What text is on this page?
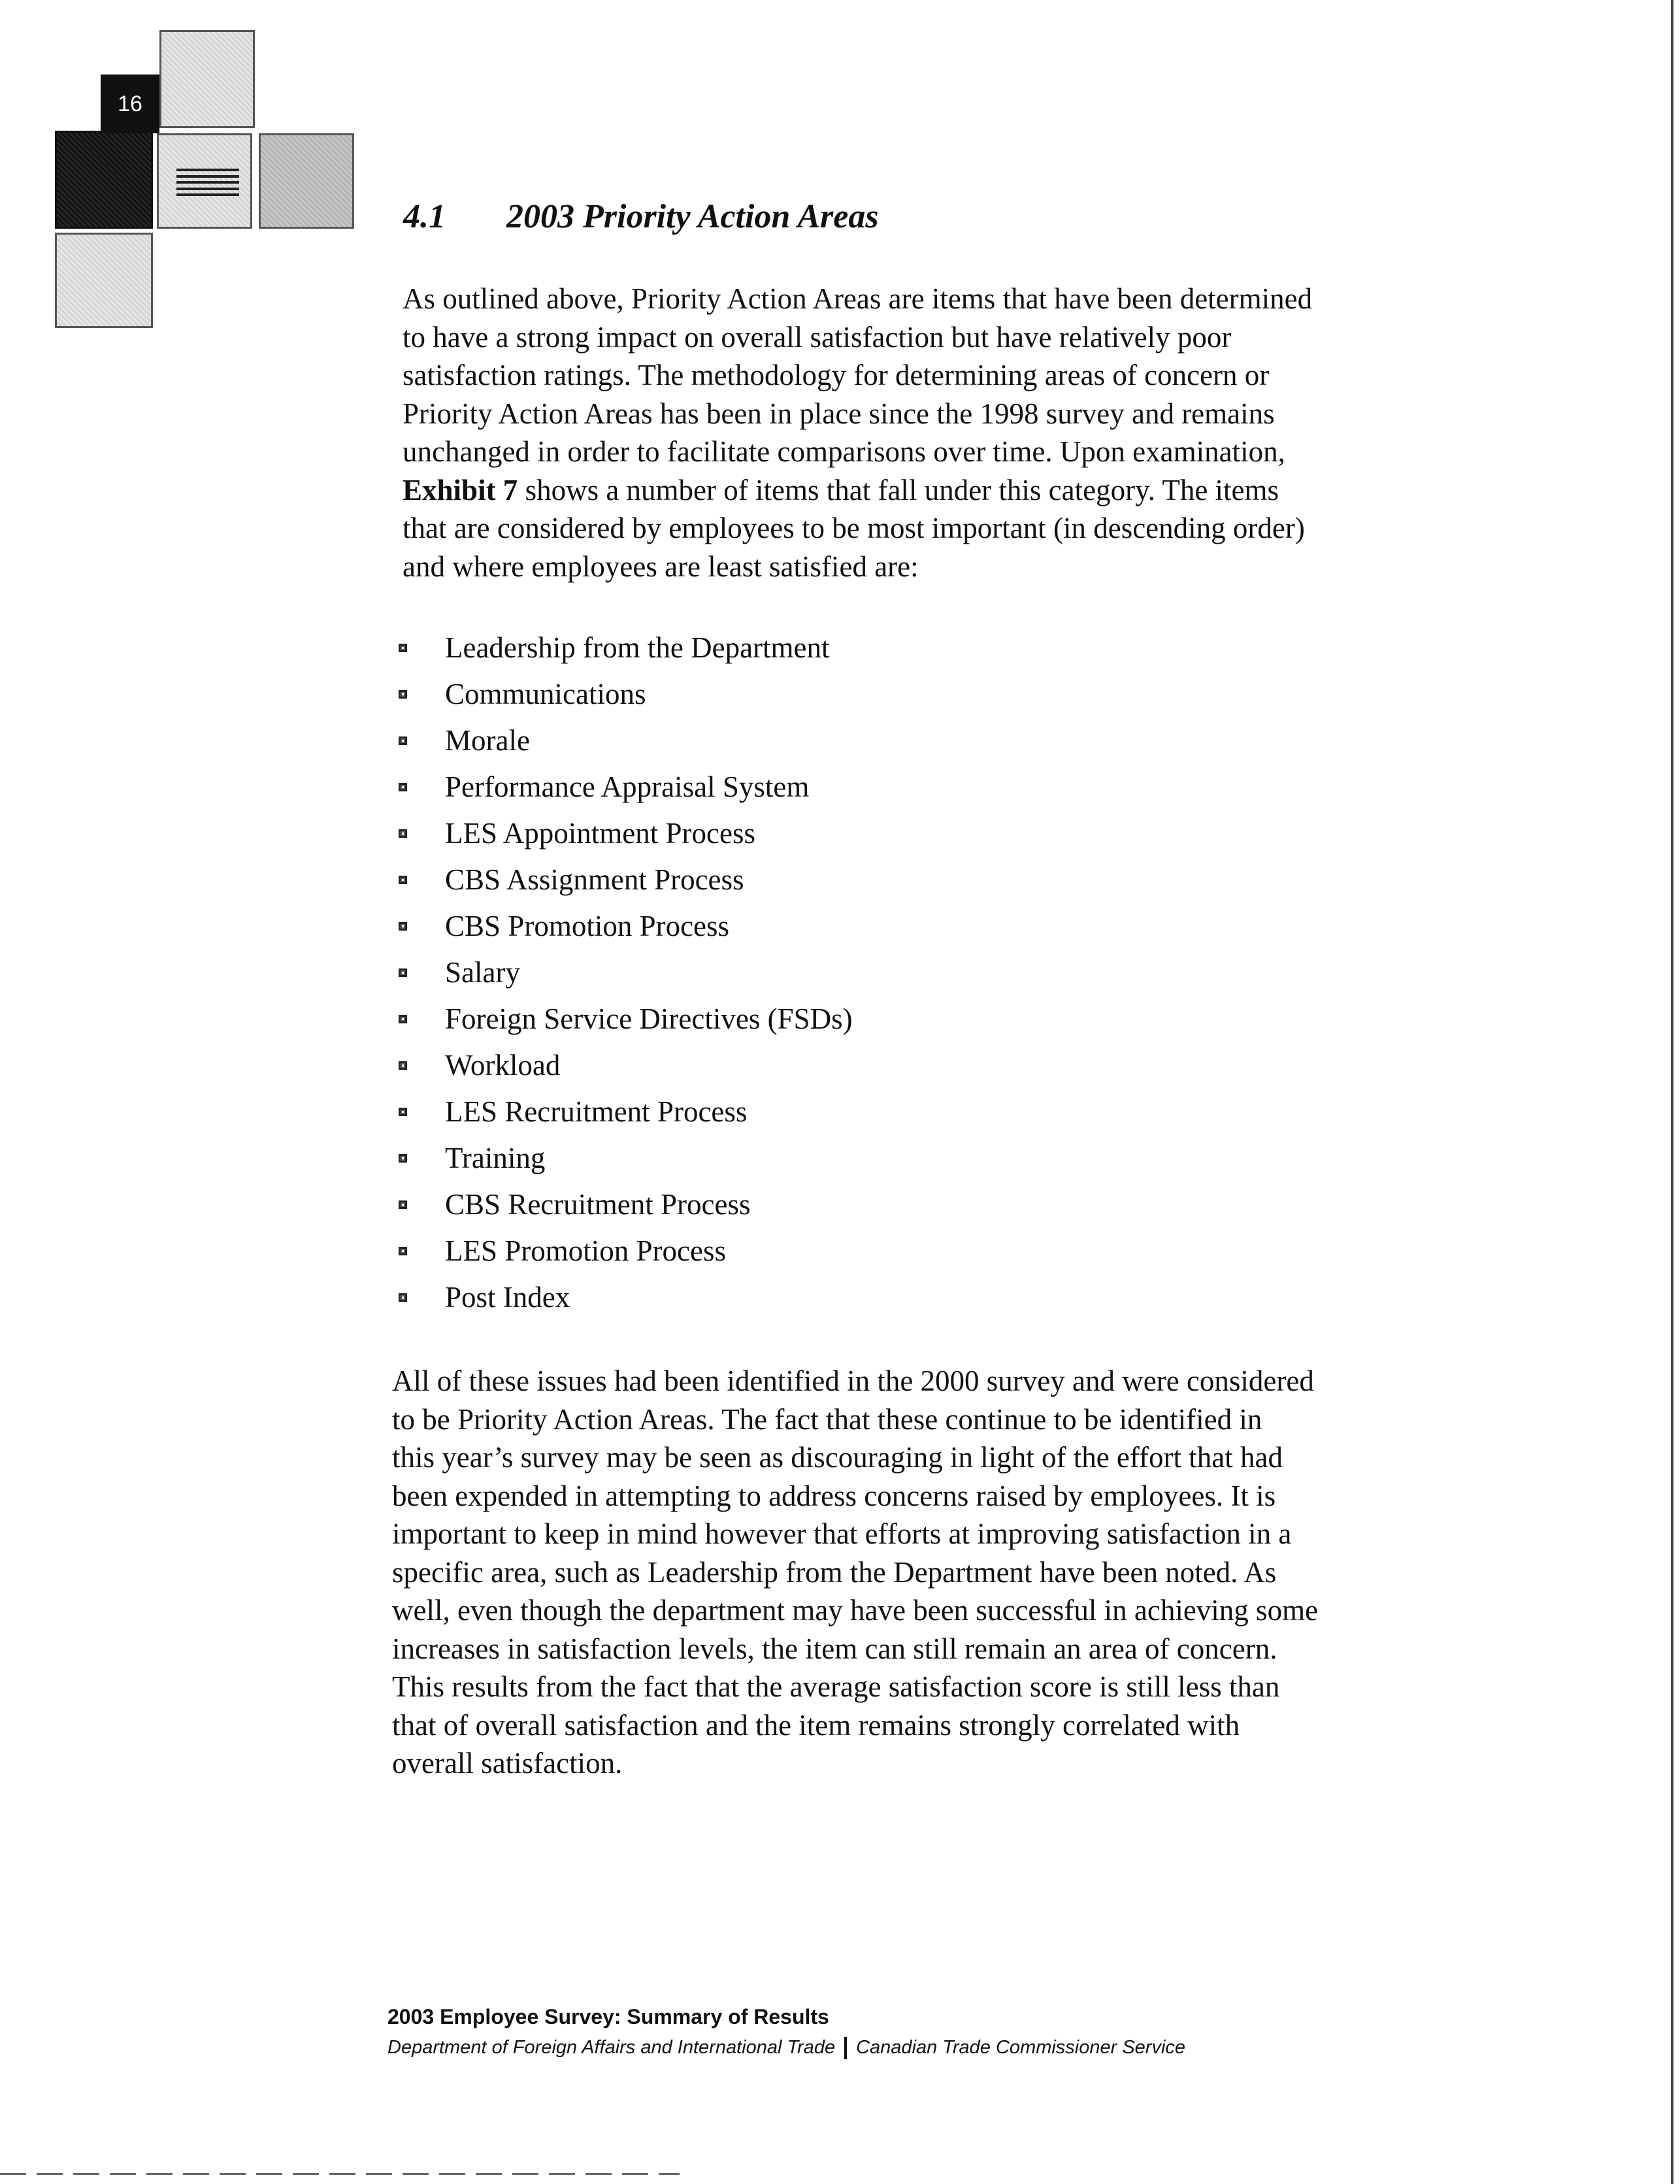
16
4.1 2003 Priority Action Areas

As outlined above, Priority Action Areas are items that have been determined
to have a strong impact on overall satisfaction but have relatively poor
satisfaction ratings. The methodology for determining areas of concern or
Priority Action Areas has been in place since the 1998 survey and remains
unchanged in order to facilitate comparisons over time. Upon examination,
Exhibit 7 shows a number of items that fall under this category. The items
that are considered by employees to be most important (in descending order)
and where employees are least satisfied are:

Leadership from the Department
Communications
Morale
Performance Appraisal System
LES Appointment Process
CBS Assignment Process
CBS Promotion Process
Salary
Foreign Service Directives (FSDs)
Workload
LES Recruitment Process
Training
CBS Recruitment Process
LES Promotion Process
Post Index

All of these issues had been identified in the 2000 survey and were considered
to be Priority Action Areas. The fact that these continue to be identified in
this year’s survey may be seen as discouraging in light of the effort that had
been expended in attempting to address concerns raised by employees. It is
important to keep in mind however that efforts at improving satisfaction in a
specific area, such as Leadership from the Department have been noted. As
well, even though the department may have been successful in achieving some
increases in satisfaction levels, the item can still remain an area of concern.
This results from the fact that the average satisfaction score is still less than
that of overall satisfaction and the item remains strongly correlated with
overall satisfaction.

2003 Employee Survey: Summary of Results
Department of Foreign Affairs and International Trade Canadian Trade Commissioner Service
